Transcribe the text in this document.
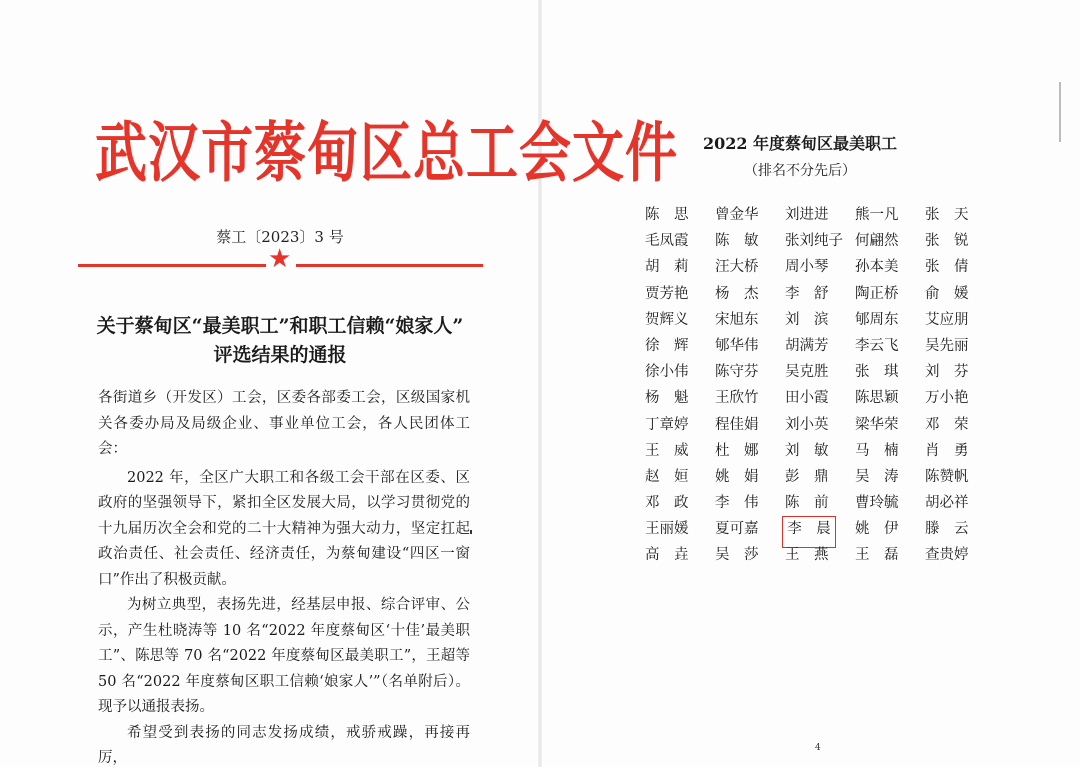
武汉市蔡甸区总工会文件
蔡工〔2023〕3 号
★
关于蔡甸区“最美职工”和职工信赖“娘家人”
评选结果的通报

各街道乡（开发区）工会，区委各部委工会，区级国家机关各委办局及局级企业、事业单位工会，各人民团体工会：

2022 年，全区广大职工和各级工会干部在区委、区政府的坚强领导下，紧扣全区发展大局，以学习贯彻党的十九届历次全会和党的二十大精神为强大动力，坚定扛起政治责任、社会责任、经济责任，为蔡甸建设“四区一窗口”作出了积极贡献。

为树立典型，表扬先进，经基层申报、综合评审、公示，产生杜晓涛等 10 名“2022 年度蔡甸区‘十佳’最美职工”、陈思等 70 名“2022 年度蔡甸区最美职工”，王超等 50 名“2022 年度蔡甸区职工信赖‘娘家人’”（名单附后）。现予以通报表扬。

希望受到表扬的同志发扬成绩，戒骄戒躁，再接再厉，

2022 年度蔡甸区最美职工
（排名不分先后）
陈　思	曾金华	刘进进	熊一凡	张　天
毛凤霞	陈　敏	张刘纯子 何翩然	张　锐
胡　莉	汪大桥	周小琴	孙本美	张　倩
贾芳艳	杨　杰	李　舒	陶正桥	俞　媛
贺辉义	宋旭东	刘　滨	郇周东	艾应朋
徐　辉	郇华伟	胡满芳	李云飞	吴先丽
徐小伟	陈守芬	吴克胜	张　琪	刘　芬
杨　魁	王欣竹	田小霞	陈思颖	万小艳
丁章婷	程佳娟	刘小英	梁华荣	邓　荣
王　威	杜　娜	刘　敏	马　楠	肖　勇
赵　姮	姚　娟	彭　鼎	吴　涛	陈赞帆
邓　政	李　伟	陈　前	曹玲毓	胡必祥
王丽媛	夏可嘉	李　晨 姚　伊	滕　云
高　垚	吴　莎	王　燕	王　磊	查贵婷
4
